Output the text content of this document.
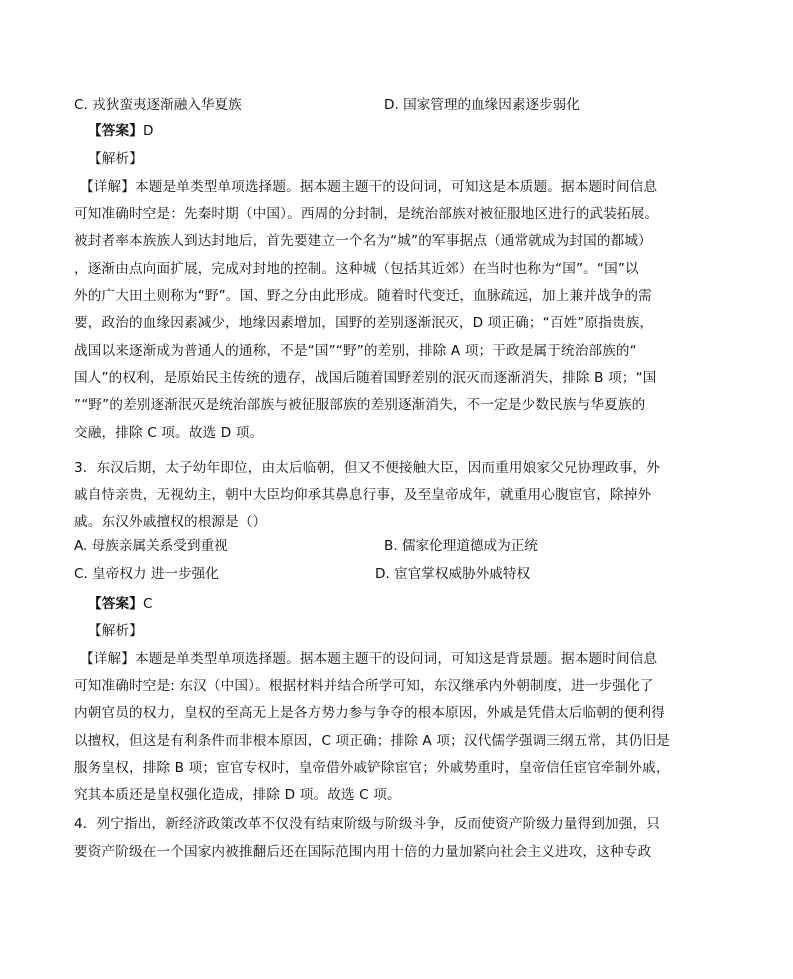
C. 戎狄蛮夷逐渐融入华夏族	D. 国家管理的血缘因素逐步弱化
【答案】D
【解析】
【详解】本题是单类型单项选择题。据本题主题干的设问词，可知这是本质题。据本题时间信息
可知准确时空是：先秦时期（中国）。西周的分封制，是统治部族对被征服地区进行的武装拓展。
被封者率本族族人到达封地后，首先要建立一个名为“城”的军事据点（通常就成为封国的都城）
，逐渐由点向面扩展，完成对封地的控制。这种城（包括其近郊）在当时也称为“国”。“国”以
外的广大田土则称为“野”。国、野之分由此形成。随着时代变迁，血脉疏远，加上兼并战争的需
要，政治的血缘因素减少，地缘因素增加，国野的差别逐渐泯灭，D 项正确；“百姓”原指贵族，
战国以来逐渐成为普通人的通称，不是“国”“野”的差别，排除 A 项；干政是属于统治部族的“
国人”的权利，是原始民主传统的遗存，战国后随着国野差别的泯灭而逐渐消失，排除 B 项；“国
”“野”的差别逐渐泯灭是统治部族与被征服部族的差别逐渐消失，不一定是少数民族与华夏族的
交融，排除 C 项。故选 D 项。
3．东汉后期，太子幼年即位，由太后临朝，但又不便接触大臣，因而重用娘家父兄协理政事，外
戚自恃亲贵，无视幼主，朝中大臣均仰承其鼻息行事，及至皇帝成年，就重用心腹宦官，除掉外
戚。东汉外戚擅权的根源是（）
A. 母族亲属关系受到重视	B. 儒家伦理道德成为正统
C. 皇帝权力 进一步强化	D. 宦官掌权威胁外戚特权
【答案】C
【解析】
【详解】本题是单类型单项选择题。据本题主题干的设问词，可知这是背景题。据本题时间信息
可知准确时空是: 东汉（中国）。根据材料并结合所学可知，东汉继承内外朝制度，进一步强化了
内朝官员的权力，皇权的至高无上是各方势力参与争夺的根本原因，外戚是凭借太后临朝的便利得
以擅权，但这是有利条件而非根本原因，C 项正确；排除 A 项；汉代儒学强调三纲五常，其仍旧是
服务皇权，排除 B 项；宦官专权时，皇帝借外戚铲除宦官；外戚势重时，皇帝信任宦官牵制外戚，
究其本质还是皇权强化造成，排除 D 项。故选 C 项。
4．列宁指出，新经济政策改革不仅没有结束阶级与阶级斗争，反而使资产阶级力量得到加强，只
要资产阶级在一个国家内被推翻后还在国际范围内用十倍的力量加紧向社会主义进攻，这种专政
